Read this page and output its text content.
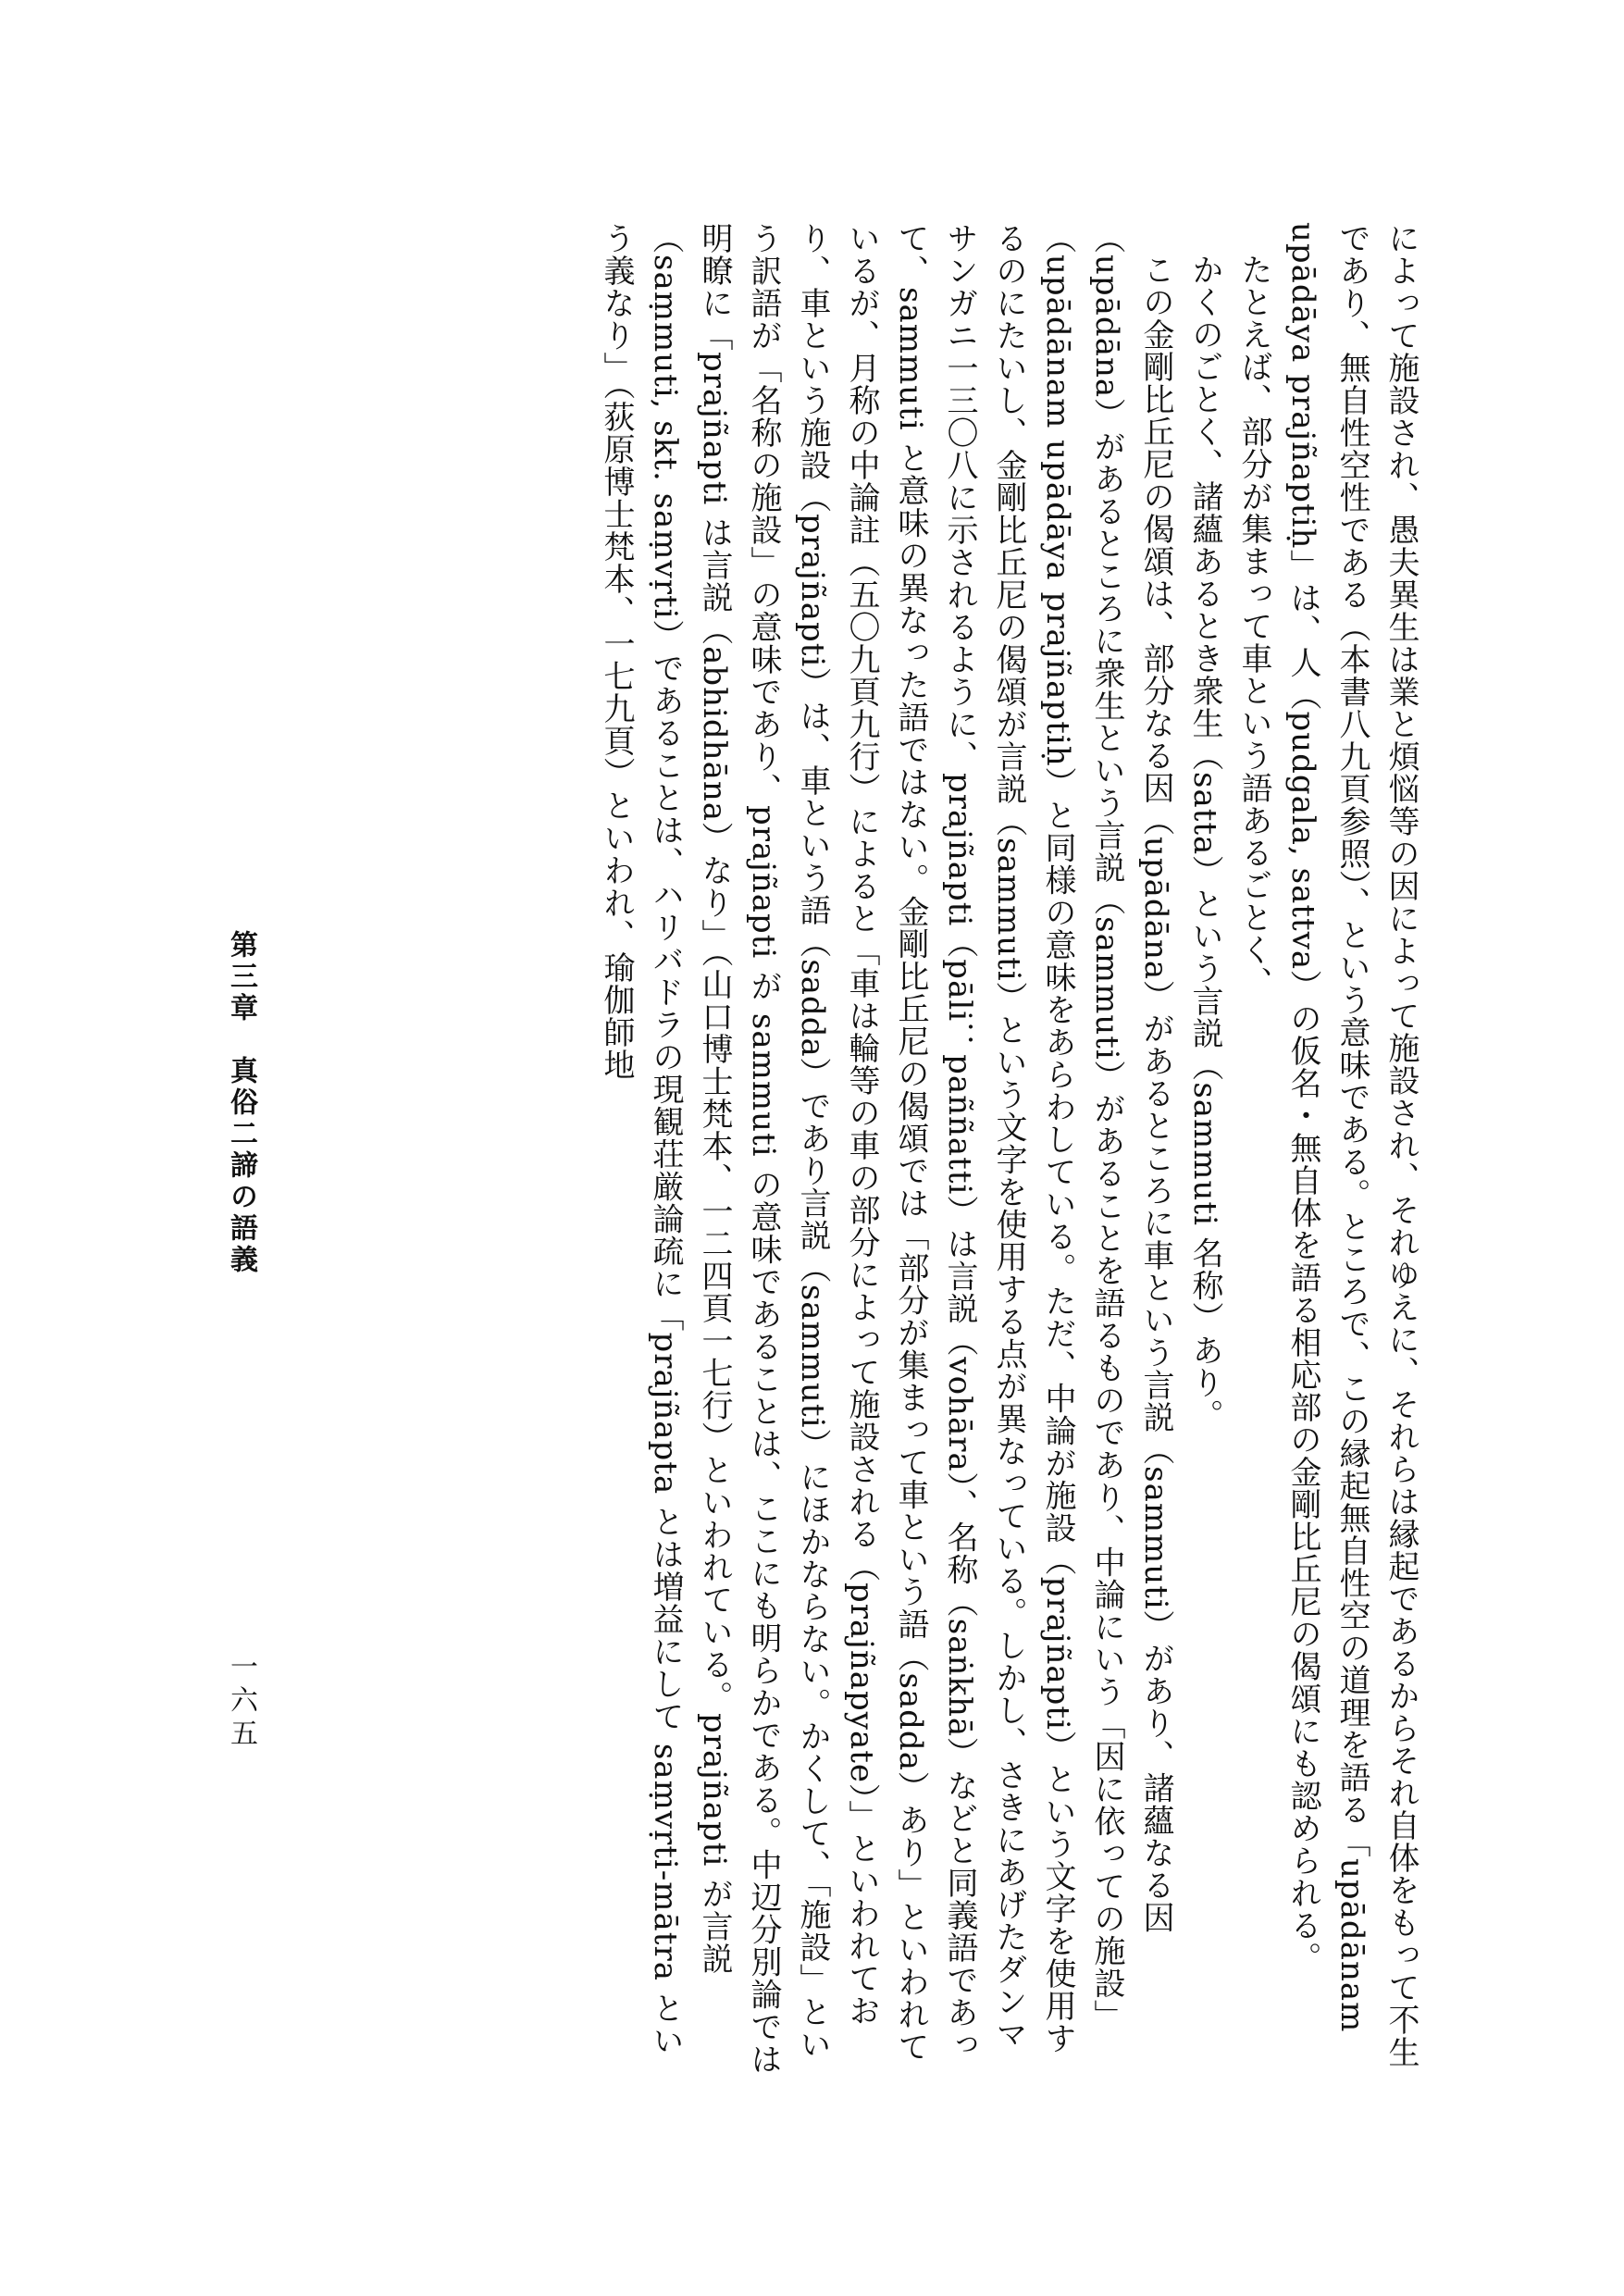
によって施設され、愚夫異生は業と煩悩等の因によって施設され、それゆえに、それらは縁起であるからそれ自体をもって不生であり、無自性空性である（本書八九頁参照）、という意味である。ところで、この縁起無自性空の道理を語る「upādānam upādāya prajñaptiḥ」は、人（pudgala, sattva）の仮名・無自体を語る相応部の金剛比丘尼の偈頌にも認められる。

たとえば、部分が集まって車という語あるごとく、

かくのごとく、諸蘊あるとき衆生（satta）という言説（sammuti 名称）あり。

この金剛比丘尼の偈頌は、部分なる因（upādāna）があるところに車という言説（sammuti）があり、諸蘊なる因（upādāna）があるところに衆生という言説（sammuti）があることを語るものであり、中論にいう「因に依っての施設」（upādānam upādāya prajñaptiḥ）と同様の意味をあらわしている。ただ、中論が施設（prajñapti）という文字を使用するのにたいし、金剛比丘尼の偈頌が言説（sammuti）という文字を使用する点が異なっている。しかし、さきにあげたダンマサンガニ一三〇八に示されるように、prajñapti（pāli：paññatti）は言説（vohāra）、名称（saṅkhā）などと同義語であって、sammuti と意味の異なった語ではない。金剛比丘尼の偈頌では「部分が集まって車という語（sadda）あり」といわれているが、月称の中論註（五〇九頁九行）によると「車は輪等の車の部分によって施設される（prajñapyate）」といわれており、車という施設（prajñapti）は、車という語（sadda）であり言説（sammuti）にほかならない。かくして、「施設」という訳語が「名称の施設」の意味であり、prajñapti が sammuti の意味であることは、ここにも明らかである。中辺分別論では明瞭に「prajñapti は言説（abhidhāna）なり」（山口博士梵本、一二四頁一七行）といわれている。prajñapti が言説（saṃmuti, skt. saṃvṛti）であることは、ハリバドラの現観荘厳論疏に「prajñapta とは増益にして saṃvṛti-mātra という義なり」（荻原博士梵本、一七九頁）といわれ、瑜伽師地

第三章　真俗二諦の語義
一六五
